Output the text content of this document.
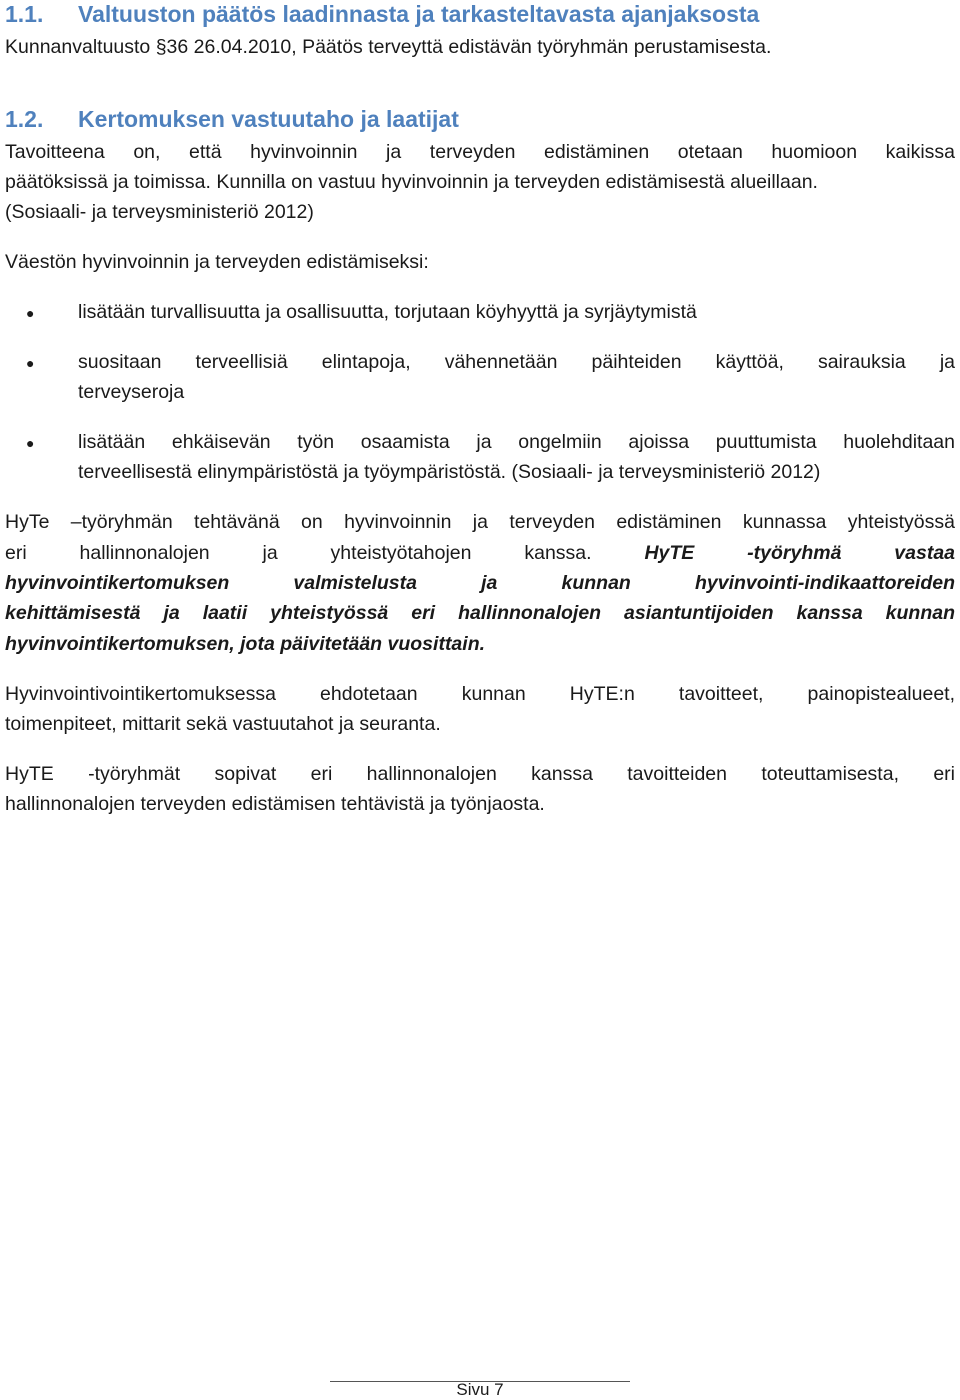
1.1. Valtuuston päätös laadinnasta ja tarkasteltavasta ajanjaksosta
Kunnanvaltuusto §36 26.04.2010, Päätös terveyttä edistävän työryhmän perustamisesta.
1.2. Kertomuksen vastuutaho ja laatijat
Tavoitteena on, että hyvinvoinnin ja terveyden edistäminen otetaan huomioon kaikissa
päätöksissä ja toimissa. Kunnilla on vastuu hyvinvoinnin ja terveyden edistämisestä alueillaan.
(Sosiaali- ja terveysministeriö 2012)
Väestön hyvinvoinnin ja terveyden edistämiseksi:
● lisätään turvallisuutta ja osallisuutta, torjutaan köyhyyttä ja syrjäytymistä
● suositaan terveellisiä elintapoja, vähennetään päihteiden käyttöä, sairauksia ja
terveyseroja
● lisätään ehkäisevän työn osaamista ja ongelmiin ajoissa puuttumista huolehditaan
terveellisestä elinympäristöstä ja työympäristöstä. (Sosiaali- ja terveysministeriö 2012)
HyTe –työryhmän tehtävänä on hyvinvoinnin ja terveyden edistäminen kunnassa yhteistyössä
eri hallinnonalojen ja yhteistyötahojen kanssa.	HyTE -työryhmä vastaa
hyvinvointikertomuksen valmistelusta ja kunnan hyvinvointi-indikaattoreiden
kehittämisestä ja laatii yhteistyössä eri hallinnonalojen asiantuntijoiden kanssa kunnan
hyvinvointikertomuksen, jota päivitetään vuosittain.
Hyvinvointivointikertomuksessa ehdotetaan kunnan HyTE:n tavoitteet, painopistealueet,
toimenpiteet, mittarit sekä vastuutahot ja seuranta.
HyTE -työryhmät sopivat eri hallinnonalojen kanssa tavoitteiden toteuttamisesta, eri
hallinnonalojen terveyden edistämisen tehtävistä ja työnjaosta.
Sivu 7
